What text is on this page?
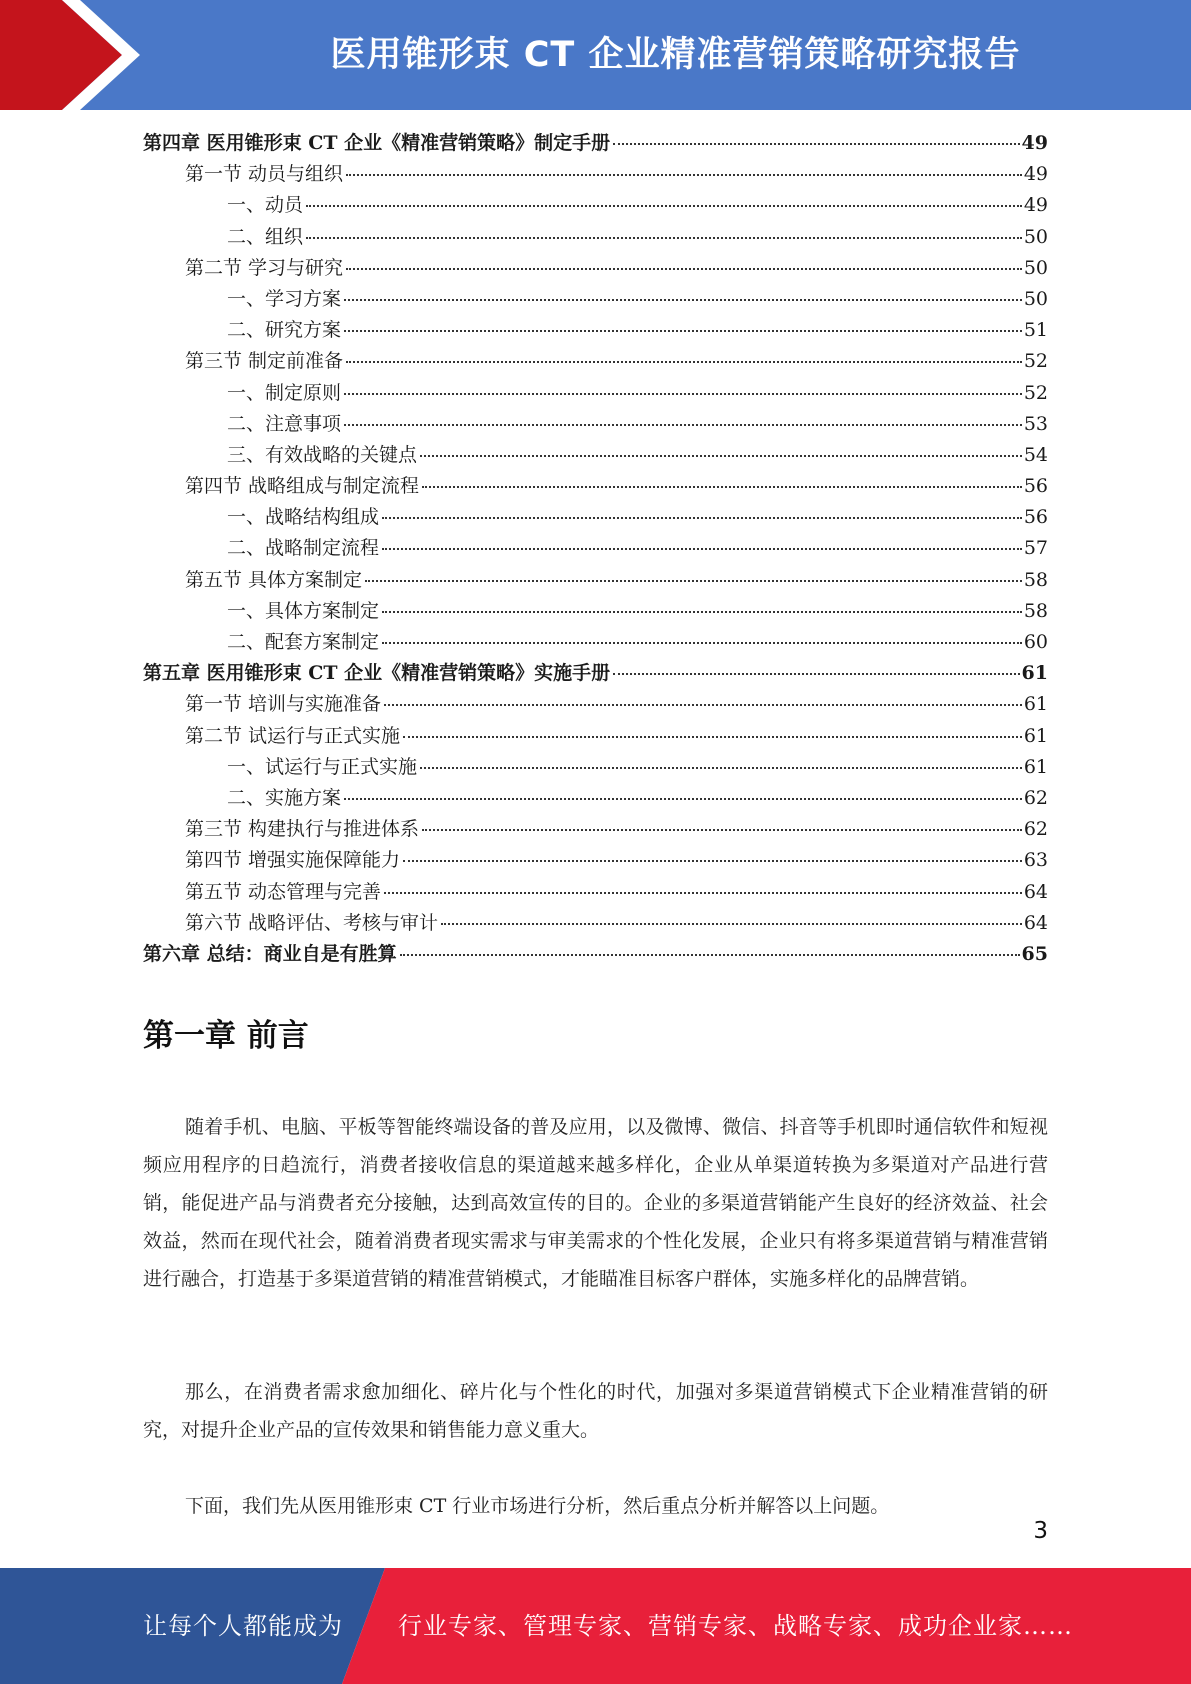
医用锥形束 CT 企业精准营销策略研究报告
第四章 医用锥形束 CT 企业《精准营销策略》制定手册	49
第一节 动员与组织	49
一、动员	49
二、组织	50
第二节 学习与研究	50
一、学习方案	50
二、研究方案	51
第三节 制定前准备	52
一、制定原则	52
二、注意事项	53
三、有效战略的关键点	54
第四节 战略组成与制定流程	56
一、战略结构组成	56
二、战略制定流程	57
第五节 具体方案制定	58
一、具体方案制定	58
二、配套方案制定	60
第五章 医用锥形束 CT 企业《精准营销策略》实施手册	61
第一节 培训与实施准备	61
第二节 试运行与正式实施	61
一、试运行与正式实施	61
二、实施方案	62
第三节 构建执行与推进体系	62
第四节 增强实施保障能力	63
第五节 动态管理与完善	64
第六节 战略评估、考核与审计	64
第六章 总结：商业自是有胜算	65
第一章 前言

随着手机、电脑、平板等智能终端设备的普及应用，以及微博、微信、抖音等手机即时通信软件和短视频应用程序的日趋流行，消费者接收信息的渠道越来越多样化，企业从单渠道转换为多渠道对产品进行营销，能促进产品与消费者充分接触，达到高效宣传的目的。企业的多渠道营销能产生良好的经济效益、社会效益，然而在现代社会，随着消费者现实需求与审美需求的个性化发展，企业只有将多渠道营销与精准营销进行融合，打造基于多渠道营销的精准营销模式，才能瞄准目标客户群体，实施多样化的品牌营销。

那么，在消费者需求愈加细化、碎片化与个性化的时代，加强对多渠道营销模式下企业精准营销的研究，对提升企业产品的宣传效果和销售能力意义重大。

下面，我们先从医用锥形束 CT 行业市场进行分析，然后重点分析并解答以上问题。

3
让每个人都能成为 行业专家、管理专家、营销专家、战略专家、成功企业家……
